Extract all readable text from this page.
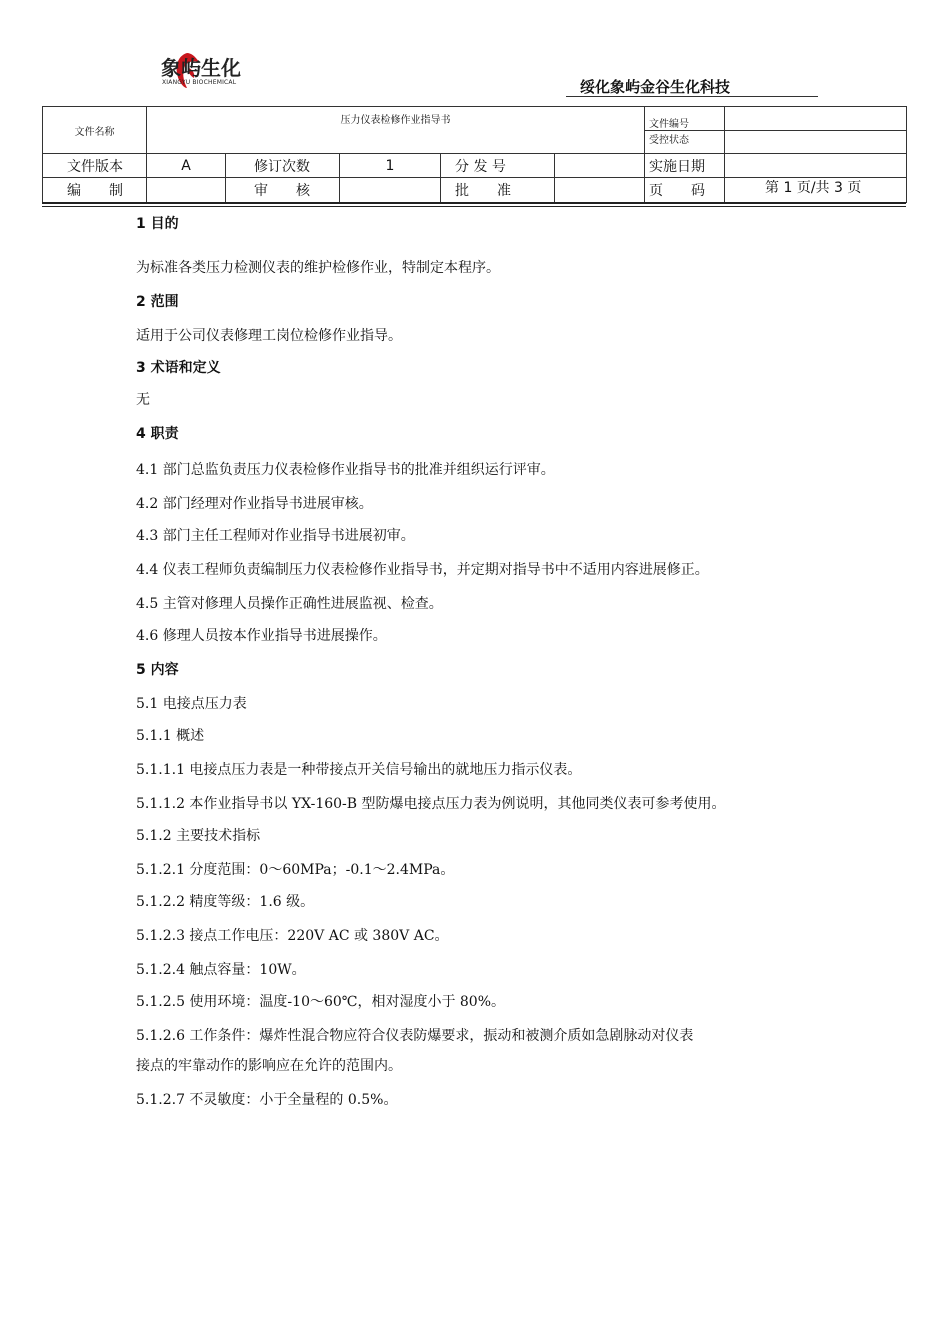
象屿生化
XIANGYU BIOCHEMICAL	绥化象屿金谷生化科技
文件名称	压力仪表检修作业指导书					文件编号	
						受控状态	
文件版本	A	修订次数	1	分 发 号		实施日期	
编　　制		审　　核		批　　准		页　　码	第 1 页/共 3 页

1 目的

为标准各类压力检测仪表的维护检修作业，特制定本程序。

2 范围

适用于公司仪表修理工岗位检修作业指导。

3 术语和定义

无

4 职责

4.1 部门总监负责压力仪表检修作业指导书的批准并组织运行评审。

4.2 部门经理对作业指导书进展审核。

4.3 部门主任工程师对作业指导书进展初审。

4.4 仪表工程师负责编制压力仪表检修作业指导书，并定期对指导书中不适用内容进展修正。

4.5 主管对修理人员操作正确性进展监视、检查。

4.6 修理人员按本作业指导书进展操作。

5 内容

5.1 电接点压力表

5.1.1 概述

5.1.1.1 电接点压力表是一种带接点开关信号输出的就地压力指示仪表。

5.1.1.2 本作业指导书以 YX-160-B 型防爆电接点压力表为例说明，其他同类仪表可参考使用。

5.1.2 主要技术指标

5.1.2.1 分度范围：0～60MPa；-0.1～2.4MPa。

5.1.2.2 精度等级：1.6 级。

5.1.2.3 接点工作电压：220V AC 或 380V AC。

5.1.2.4 触点容量：10W。

5.1.2.5 使用环境：温度-10～60℃，相对湿度小于 80%。

5.1.2.6 工作条件：爆炸性混合物应符合仪表防爆要求，振动和被测介质如急剧脉动对仪表

接点的牢靠动作的影响应在允许的范围内。

5.1.2.7 不灵敏度：小于全量程的 0.5%。
